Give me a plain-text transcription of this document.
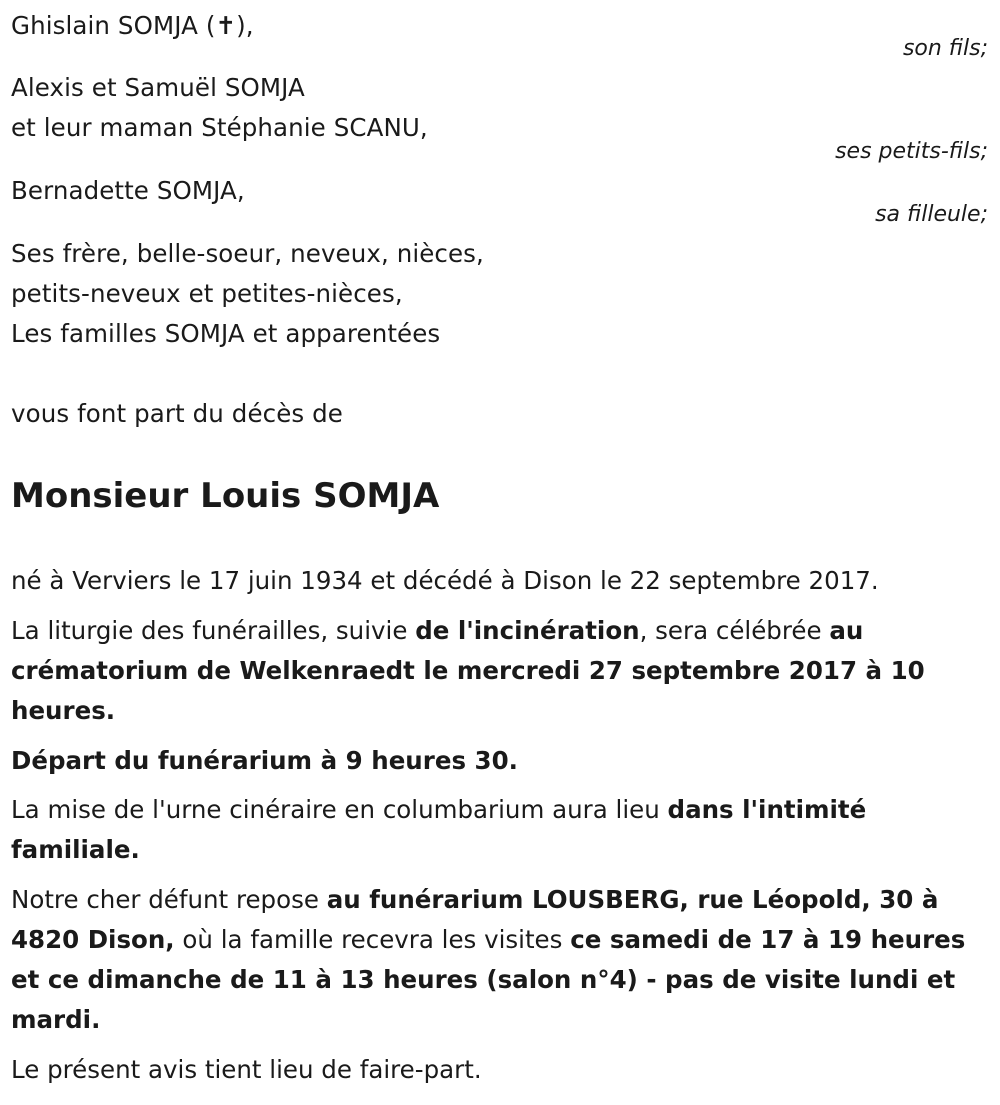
Ghislain SOMJA (✝),
son fils;
Alexis et Samuël SOMJA
et leur maman Stéphanie SCANU,
ses petits-fils;
Bernadette SOMJA,
sa filleule;
Ses frère, belle-soeur, neveux, nièces,
petits-neveux et petites-nièces,
Les familles SOMJA et apparentées
vous font part du décès de
Monsieur Louis SOMJA
né à Verviers le 17 juin 1934 et décédé à Dison le 22 septembre 2017.
La liturgie des funérailles, suivie de l'incinération, sera célébrée au crématorium de Welkenraedt le mercredi 27 septembre 2017 à 10 heures.
Départ du funérarium à 9 heures 30.
La mise de l'urne cinéraire en columbarium aura lieu dans l'intimité familiale.
Notre cher défunt repose au funérarium LOUSBERG, rue Léopold, 30 à 4820 Dison, où la famille recevra les visites ce samedi de 17 à 19 heures et ce dimanche de 11 à 13 heures (salon n°4) - pas de visite lundi et mardi.
Le présent avis tient lieu de faire-part.
